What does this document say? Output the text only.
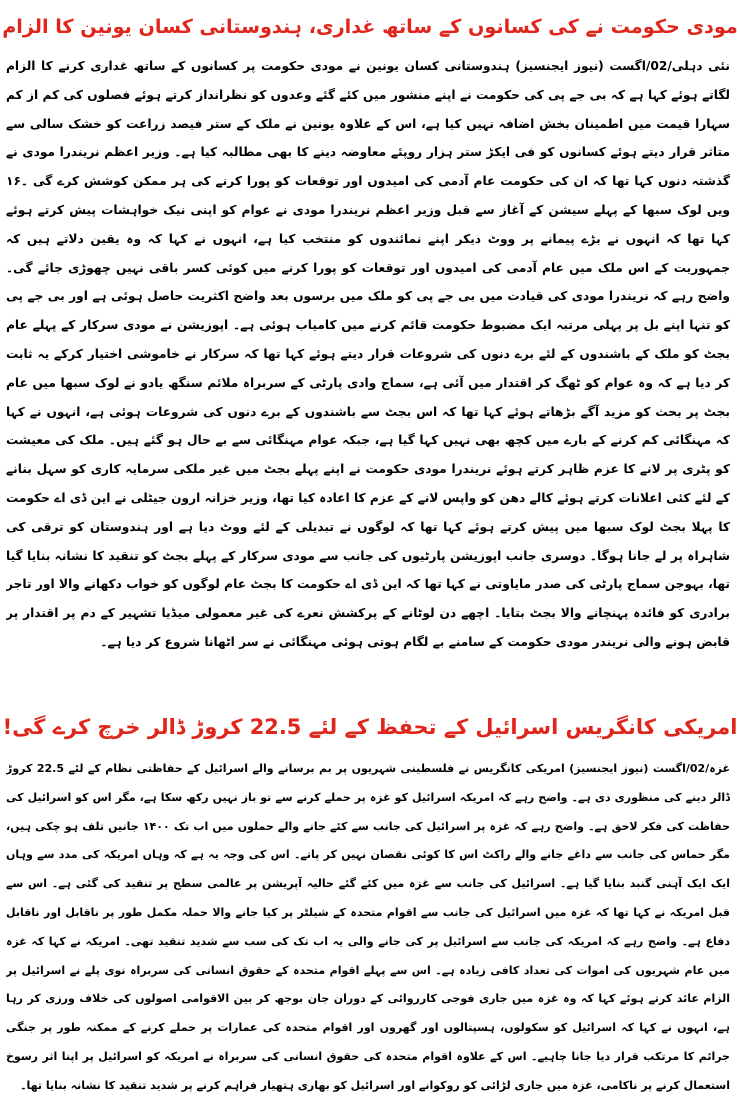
مودی حکومت نے کی کسانوں کے ساتھ غداری، ہندوستانی کسان یونین کا الزام

نئی دہلی/02/اگست (نیوز ایجنسیز) ہندوستانی کسان یونین نے مودی حکومت پر کسانوں کے ساتھ غداری کرنے کا الزام لگاتے ہوئے کہا ہے کہ بی جے پی کی حکومت نے اپنے منشور میں کئے گئے وعدوں کو نظرانداز کرتے ہوئے فصلوں کی کم از کم سہارا قیمت میں اطمینان بخش اضافہ نہیں کیا ہے، اس کے علاوہ یونین نے ملک کے ستر فیصد زراعت کو خشک سالی سے متاثر قرار دیتے ہوئے کسانوں کو فی ایکڑ ستر ہزار روپئے معاوضہ دینے کا بھی مطالبہ کیا ہے۔ وزیر اعظم نریندرا مودی نے گذشتہ دنوں کہا تھا کہ ان کی حکومت عام آدمی کی امیدوں اور توقعات کو پورا کرنے کی ہر ممکن کوشش کرے گی ۔۱۶ ویں لوک سبھا کے پہلے سیشن کے آغاز سے قبل وزیر اعظم نریندرا مودی نے عوام کو اپنی نیک خواہشات پیش کرتے ہوئے کہا تھا کہ انہوں نے بڑے پیمانے پر ووٹ دیکر اپنے نمائندوں کو منتخب کیا ہے، انہوں نے کہا کہ وہ یقین دلاتے ہیں کہ جمہوریت کے اس ملک میں عام آدمی کی امیدوں اور توقعات کو پورا کرنے میں کوئی کسر باقی نہیں چھوڑی جائے گی۔ واضح رہے کہ نریندرا مودی کی قیادت میں بی جے پی کو ملک میں برسوں بعد واضح اکثریت حاصل ہوئی ہے اور بی جے پی کو تنہا اپنے بل پر پہلی مرتبہ ایک مضبوط حکومت قائم کرنے میں کامیاب ہوئی ہے۔ اپوزیشن نے مودی سرکار کے پہلے عام بجٹ کو ملک کے باشندوں کے لئے برے دنوں کی شروعات قرار دیتے ہوئے کہا تھا کہ سرکار نے خاموشی اختیار کرکے یہ ثابت کر دیا ہے کہ وہ عوام کو ٹھگ کر اقتدار میں آئی ہے، سماج وادی پارٹی کے سربراہ ملائم سنگھ یادو نے لوک سبھا میں عام بجٹ پر بحث کو مزید آگے بڑھاتے ہوئے کہا تھا کہ اس بجٹ سے باشندوں کے برے دنوں کی شروعات ہوئی ہے، انہوں نے کہا کہ مہنگائی کم کرنے کے بارے میں کچھ بھی نہیں کہا گیا ہے، جبکہ عوام مہنگائی سے بے حال ہو گئے ہیں۔ ملک کی معیشت کو پٹری پر لانے کا عزم ظاہر کرتے ہوئے نریندرا مودی حکومت نے اپنے پہلے بجٹ میں غیر ملکی سرمایہ کاری کو سہل بنانے کے لئے کئی اعلانات کرتے ہوئے کالے دھن کو واپس لانے کے عزم کا اعادہ کیا تھا، وزیر خزانہ ارون جیٹلی نے این ڈی اے حکومت کا پہلا بجٹ لوک سبھا میں پیش کرتے ہوئے کہا تھا کہ لوگوں نے تبدیلی کے لئے ووٹ دیا ہے اور ہندوستان کو ترقی کی شاہراہ پر لے جانا ہوگا۔ دوسری جانب اپوزیشن پارٹیوں کی جانب سے مودی سرکار کے پہلے بجٹ کو تنقید کا نشانہ بنایا گیا تھا، بہوجن سماج پارٹی کی صدر مایاوتی نے کہا تھا کہ این ڈی اے حکومت کا بجٹ عام لوگوں کو خواب دکھانے والا اور تاجر برادری کو فائدہ پہنچانے والا بجٹ بتایا۔ اچھے دن لوٹانے کے پرکشش نعرے کی غیر معمولی میڈیا تشہیر کے دم پر اقتدار پر قابض ہونے والی نریندر مودی حکومت کے سامنے بے لگام ہوتی ہوئی مہنگائی نے سر اٹھانا شروع کر دیا ہے۔

امریکی کانگریس اسرائیل کے تحفظ کے لئے 22.5 کروڑ ڈالر خرچ کرے گی!

غزہ/02/اگست (نیوز ایجنسیز) امریکی کانگریس نے فلسطینی شہریوں پر بم برسانے والے اسرائیل کے حفاظتی نظام کے لئے 22.5 کروڑ ڈالر دینے کی منظوری دی ہے۔ واضح رہے کہ امریکہ اسرائیل کو غزہ پر حملے کرنے سے تو باز نہیں رکھ سکا ہے، مگر اس کو اسرائیل کی حفاظت کی فکر لاحق ہے۔ واضح رہے کہ غزہ پر اسرائیل کی جانب سے کئے جانے والے حملوں میں اب تک ۱۴۰۰ جانیں تلف ہو چکی ہیں، مگر حماس کی جانب سے داغے جانے والے راکٹ اس کا کوئی نقصان نہیں کر پاتے۔ اس کی وجہ یہ ہے کہ وہاں امریکہ کی مدد سے وہاں ایک ایک آہنی گنبد بنایا گیا ہے۔ اسرائیل کی جانب سے غزہ میں کئے گئے حالیہ آپریشن پر عالمی سطح پر تنقید کی گئی ہے۔ اس سے قبل امریکہ نے کہا تھا کہ غزہ میں اسرائیل کی جانب سے اقوام متحدہ کے شیلٹر پر کیا جانے والا حملہ مکمل طور پر ناقابل اور ناقابل دفاع ہے۔ واضح رہے کہ امریکہ کی جانب سے اسرائیل پر کی جانے والی یہ اب تک کی سب سے شدید تنقید تھی۔ امریکہ نے کہا کہ غزہ میں عام شہریوں کی اموات کی تعداد کافی زیادہ ہے۔ اس سے پہلے اقوام متحدہ کے حقوق انسانی کی سربراہ نوی پلے نے اسرائیل پر الزام عائد کرتے ہوئے کہا کہ وہ غزہ میں جاری فوجی کارروائی کے دوران جان بوجھ کر بین الاقوامی اصولوں کی خلاف ورزی کر رہا ہے، انہوں نے کہا کہ اسرائیل کو سکولوں، ہسپتالوں اور گھروں اور اقوام متحدہ کی عمارات پر حملے کرنے کے ممکنہ طور پر جنگی جرائم کا مرتکب قرار دیا جانا چاہیے۔ اس کے علاوہ اقوام متحدہ کی حقوق انسانی کی سربراہ نے امریکہ کو اسرائیل پر اپنا اثر رسوخ استعمال کرنے پر ناکامی، غزہ میں جاری لڑائی کو روکوانے اور اسرائیل کو بھاری ہتھیار فراہم کرنے پر شدید تنقید کا نشانہ بنایا تھا۔
